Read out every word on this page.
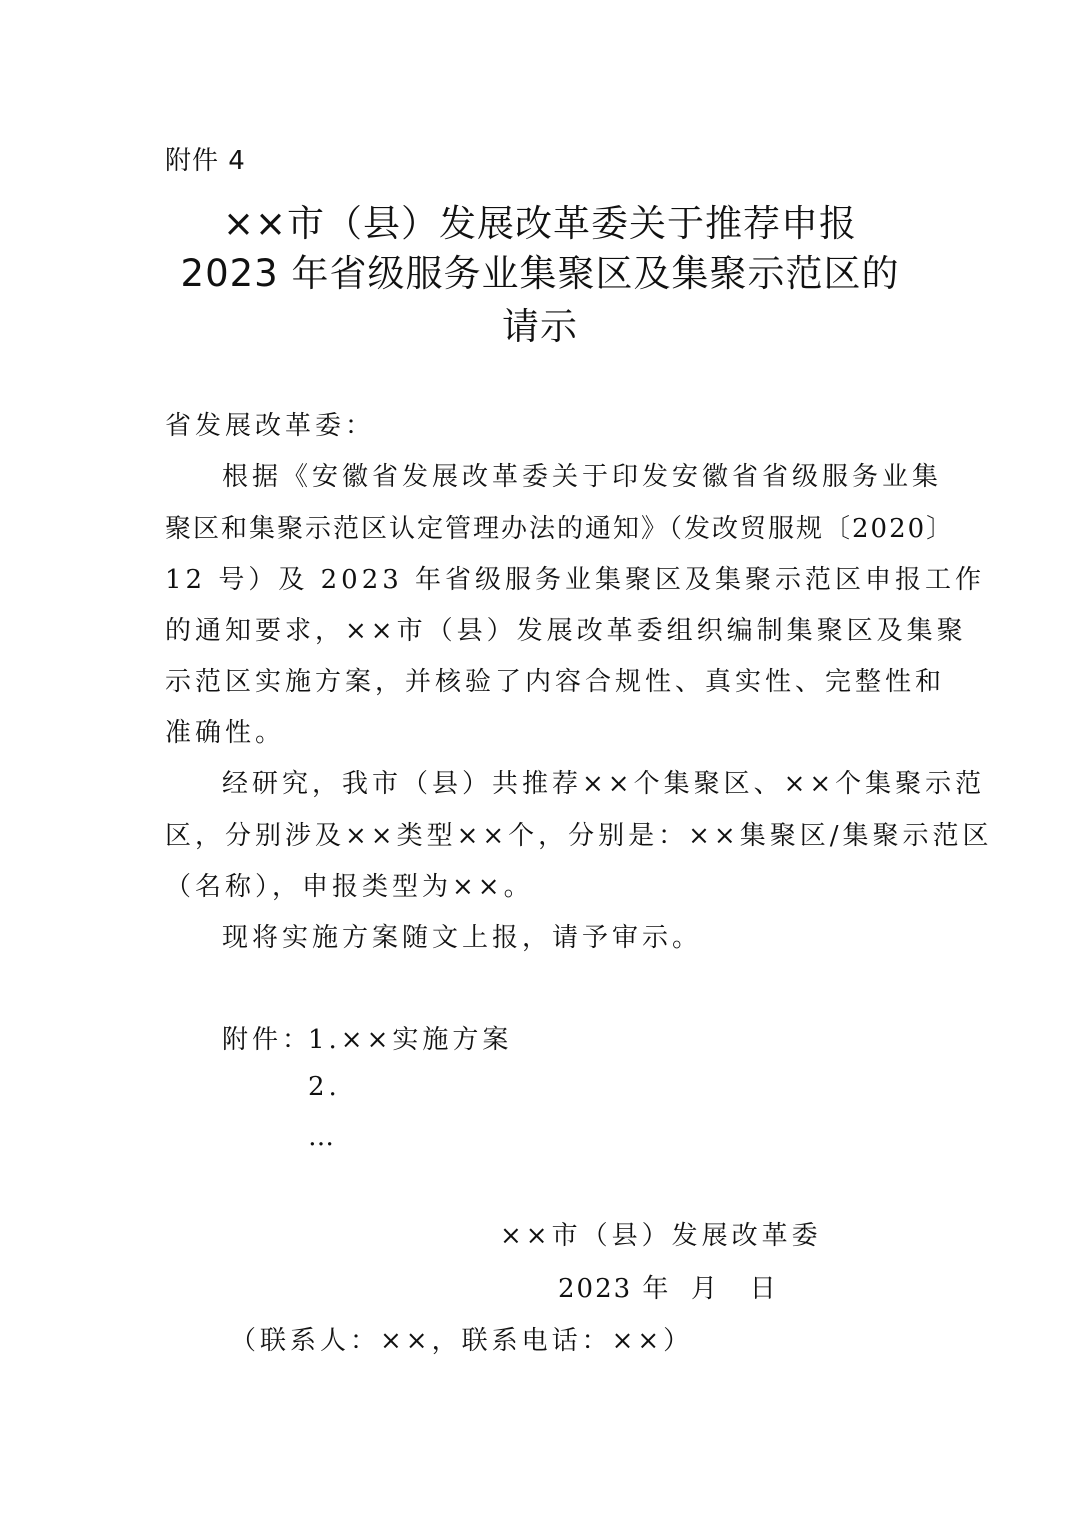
附件 4
××市（县）发展改革委关于推荐申报
2023 年省级服务业集聚区及集聚示范区的
请示
省发展改革委：
根据《安徽省发展改革委关于印发安徽省省级服务业集
聚区和集聚示范区认定管理办法的通知》（发改贸服规〔2020〕
12 号）及 2023 年省级服务业集聚区及集聚示范区申报工作
的通知要求，××市（县）发展改革委组织编制集聚区及集聚
示范区实施方案，并核验了内容合规性、真实性、完整性和
准确性。
经研究，我市（县）共推荐××个集聚区、××个集聚示范
区，分别涉及××类型××个，分别是：××集聚区/集聚示范区
（名称），申报类型为××。
现将实施方案随文上报，请予审示。
附件：
1.××实施方案
2.
…
××市（县）发展改革委
2023 年  月   日
（联系人：××，联系电话：××）
